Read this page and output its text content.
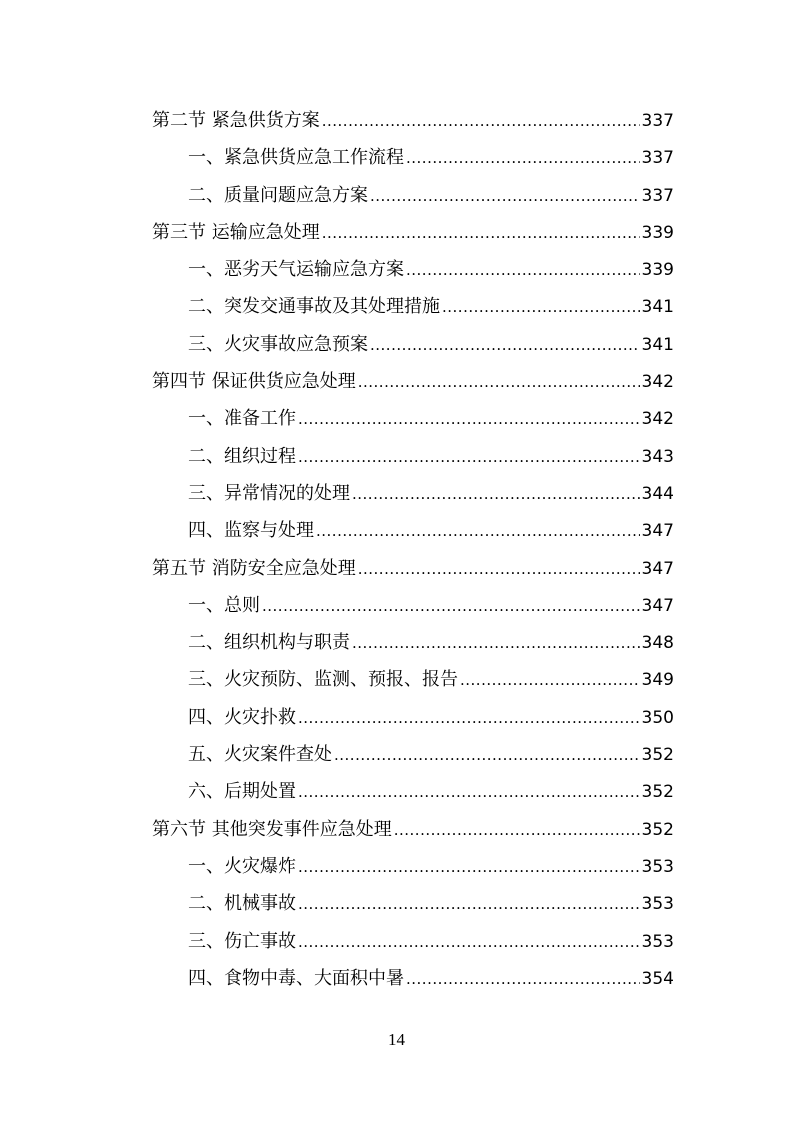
第二节 紧急供货方案 .....	337
一、紧急供货应急工作流程 .....	337
二、质量问题应急方案 .....	337
第三节 运输应急处理 .....	339
一、恶劣天气运输应急方案 .....	339
二、突发交通事故及其处理措施 .....	341
三、火灾事故应急预案 .....	341
第四节 保证供货应急处理 .....	342
一、准备工作 .....	342
二、组织过程 .....	343
三、异常情况的处理 .....	344
四、监察与处理 .....	347
第五节 消防安全应急处理 .....	347
一、总则 .....	347
二、组织机构与职责 .....	348
三、火灾预防、监测、预报、报告 .....	349
四、火灾扑救 .....	350
五、火灾案件查处 .....	352
六、后期处置 .....	352
第六节 其他突发事件应急处理 .....	352
一、火灾爆炸 .....	353
二、机械事故 .....	353
三、伤亡事故 .....	353
四、食物中毒、大面积中暑 .....	354
14
